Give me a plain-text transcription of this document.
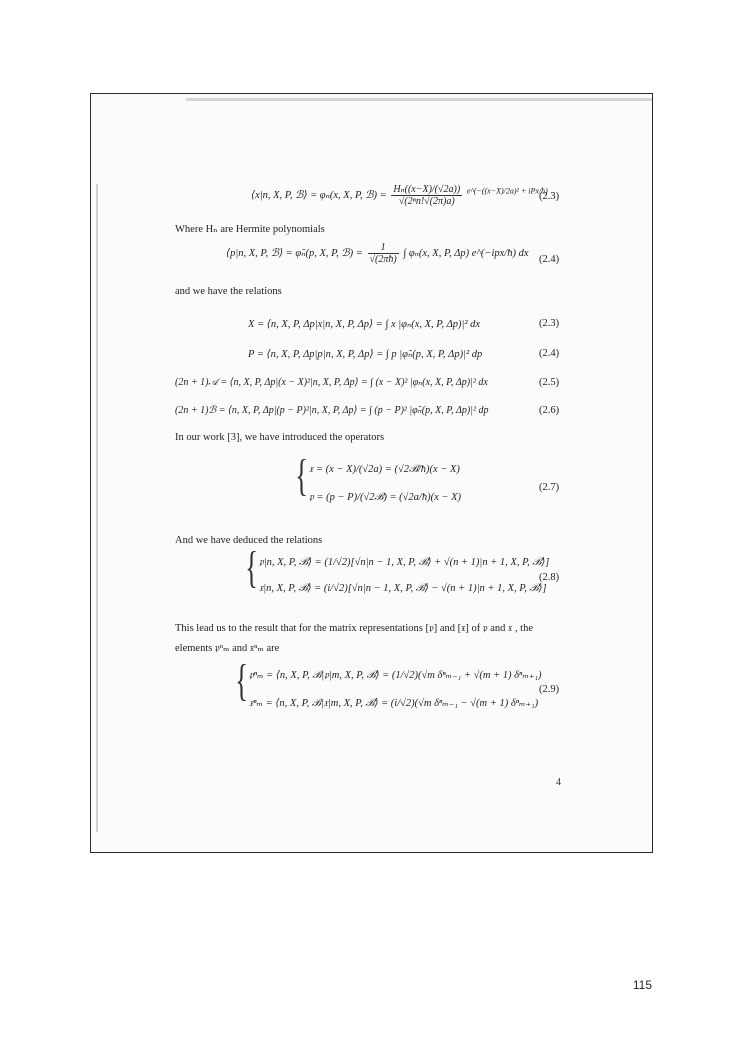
⟨x|n, X, P, ℬ⟩ = φₙ(x, X, P, ℬ) = $\frac{\text{Hₙ((x−X)/(√2a))}}{\text{√(2ⁿn!√(2π)a)}} ^{e\^{}(-((x-X)/2a)^2 + iPx/ħ)}$
(2.3)
Where Hₙ are Hermite polynomials
⟨p|n, X, P, ℬ⟩ = φ̃ₙ(p, X, P, ℬ) = $\frac{1}{√(2\pi ħ)}$ ∫ φₙ(x, X, P, Δp) e^(−ipx/ħ) dx
(2.4)
and we have the relations
X = ⟨n, X, P, Δp|x|n, X, P, Δp⟩ = ∫ x |φₙ(x, X, P, Δp)|² dx	(2.3)
P = ⟨n, X, P, Δp|p|n, X, P, Δp⟩ = ∫ p |φ̃ₙ(p, X, P, Δp)|² dp	(2.4)
(2n + 1)𝒜 = ⟨n, X, P, Δp|(x − X)²|n, X, P, Δp⟩ = ∫ (x − X)² |φₙ(x, X, P, Δp)|² dx	(2.5)
(2n + 1)ℬ = ⟨n, X, P, Δp|(p − P)²|n, X, P, Δp⟩ = ∫ (p − P)² |φ̃ₙ(p, X, P, Δp)|² dp	(2.6)
In our work [3], we have introduced the operators
{ 𝔵 = (x − X)/(√2a) = (√2ℬ/ħ)(x − X)
𝔭 = (p − P)/(√2ℬ) = (√2a/ħ)(x − X)
(2.7)
And we have deduced the relations
{ 𝔭|n, X, P, ℬ⟩ = (1/√2)[√n|n − 1, X, P, ℬ⟩ + √(n + 1)|n + 1, X, P, ℬ⟩]
𝔵|n, X, P, ℬ⟩ = (i/√2)[√n|n − 1, X, P, ℬ⟩ − √(n + 1)|n + 1, X, P, ℬ⟩]
(2.8)
This lead us to the result that for the matrix representations [𝔭] and [𝔵] of 𝔭 and 𝔵 , the
elements 𝔭ⁿₘ and 𝔵ⁿₘ are
{ 𝔭ⁿₘ = ⟨n, X, P, ℬ|𝔭|m, X, P, ℬ⟩ = (1/√2)(√m δⁿₘ₋₁ + √(m + 1) δⁿₘ₊₁)
𝔵ⁿₘ = ⟨n, X, P, ℬ|𝔵|m, X, P, ℬ⟩ = (i/√2)(√m δⁿₘ₋₁ − √(m + 1) δⁿₘ₊₁)
(2.9)
4
115
